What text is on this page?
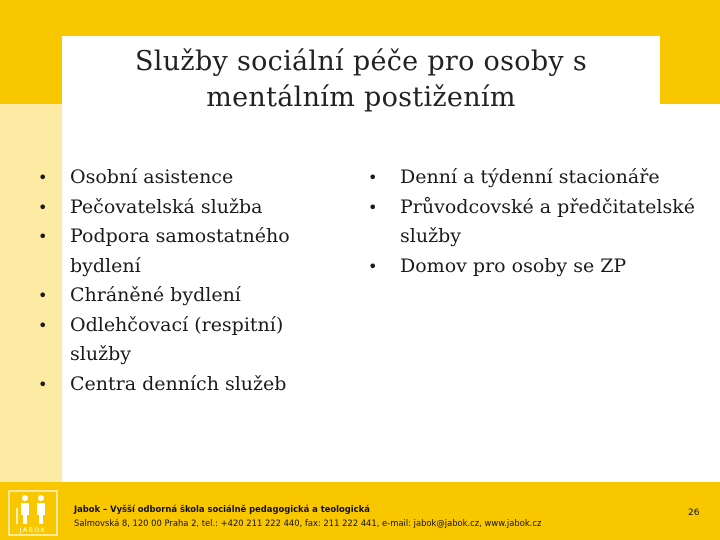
Služby sociální péče pro osoby s mentálním postižením
• Osobní asistence
• Pečovatelská služba
• Podpora samostatného bydlení
• Chráněné bydlení
• Odlehčovací (respitní) služby
• Centra denních služeb
• Denní a týdenní stacionáře
• Průvodcovské a předčitatelské služby
• Domov pro osoby se ZP
JABOK
Jabok – Vyšší odborná škola sociálně pedagogická a teologická
Salmovská 8, 120 00 Praha 2, tel.: +420 211 222 440, fax: 211 222 441, e-mail: jabok@jabok.cz, www.jabok.cz
26
